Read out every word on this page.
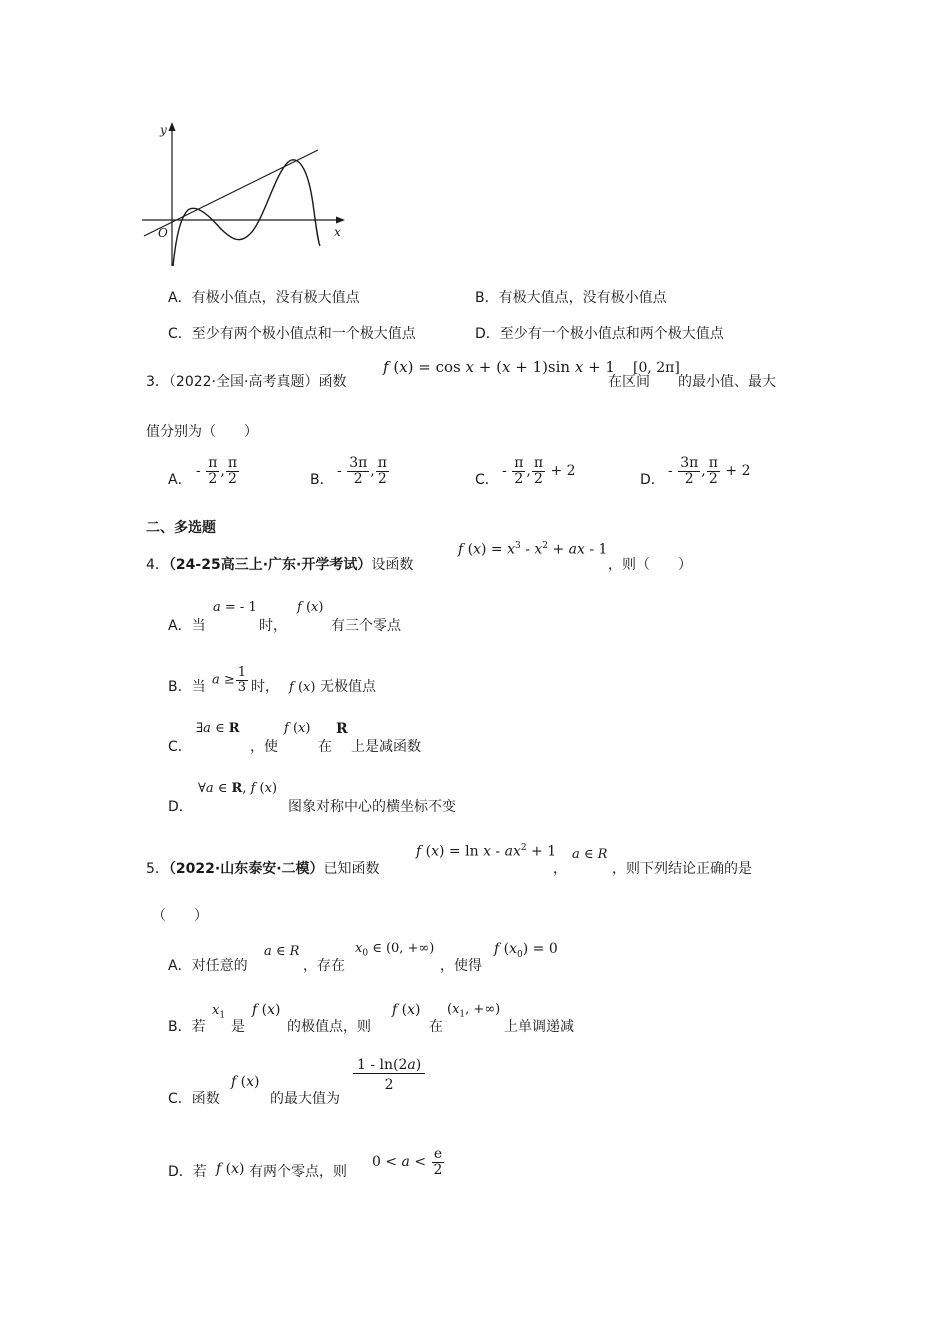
y
x
O
A．有极小值点，没有极大值点	B．有极大值点，没有极小值点
C．至少有两个极小值点和一个极大值点	D．至少有一个极小值点和两个极大值点
3．（2022·全国·高考真题）函数
f (x) = cos x + (x + 1)sin x + 1
在区间
[0, 2π]
的最小值、最大
值分别为（　　）
A．
- $\frac{\pi}{2}$ , $\frac{\pi}{2}$	B．
- $\frac{3\pi}{2}$ , $\frac{\pi}{2}$	C．
- $\frac{\pi}{2}$ , $\frac{\pi}{2} + 2$
D．
- $\frac{3\pi}{2}$ , $\frac{\pi}{2} + 2$
二、多选题
4．（24-25高三上·广东·开学考试）设函数
f $(x) = x^3 - x^2$ + ax - 1
，则（　　）
A．当
a = - 1
时，
f (x)
有三个零点
B．当 $a \ge \frac{1}{3}$ 时， f (x) 无极值点
C．
∃a ∈ R
，使
f (x)
在
R
上是减函数
D．
∀a ∈ R, f (x)
图象对称中心的横坐标不变
5．（2022·山东泰安·二模）已知函数
f $(x) = \ln x - ax^2 + 1$
，
a ∈ R
，则下列结论正确的是
（　　）
A．对任意的
a ∈ R
，存在
$x_0$ ∈ (0, +∞)
，使得
f $(x_0) = 0$
B．若
$x_1$
是
f (x)
的极值点，则
f (x)
在
($x_1$, +∞)
上单调递减
C．函数
f (x)
的最大值为
$\frac{1 - \ln(2a)}{2}$
D．若 f (x) 有两个零点，则
$0 < a < \frac{e}{2}$
